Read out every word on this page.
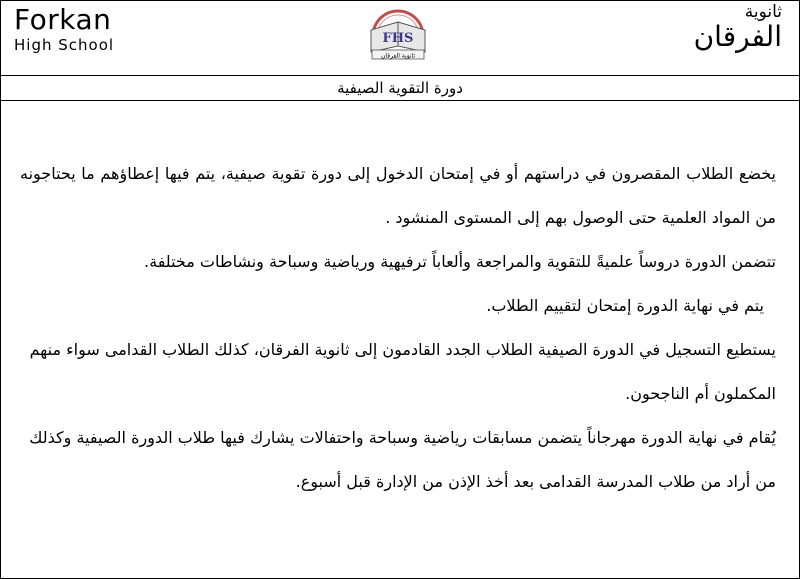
Forkan
High School	FHS
ثانوية الفرقان
ثانوية
الفرقان
دورة التقوية الصيفية

يخضع الطلاب المقصرون في دراستهم أو في إمتحان الدخول إلى دورة تقوية صيفية، يتم فيها إعطاؤهم ما يحتاجونه من المواد العلمية حتى الوصول بهم إلى المستوى المنشود .

تتضمن الدورة دروساً علميةً للتقوية والمراجعة وألعاباً ترفيهية ورياضية وسباحة ونشاطات مختلفة.

يتم في نهاية الدورة إمتحان لتقييم الطلاب.

يستطيع التسجيل في الدورة الصيفية الطلاب الجدد القادمون إلى ثانوية الفرقان، كذلك الطلاب القدامى سواء منهم المكملون أم الناجحون.

يُقام في نهاية الدورة مهرجاناً يتضمن مسابقات رياضية وسباحة واحتفالات يشارك فيها طلاب الدورة الصيفية وكذلك من أراد من طلاب المدرسة القدامى بعد أخذ الإذن من الإدارة قبل أسبوع.
